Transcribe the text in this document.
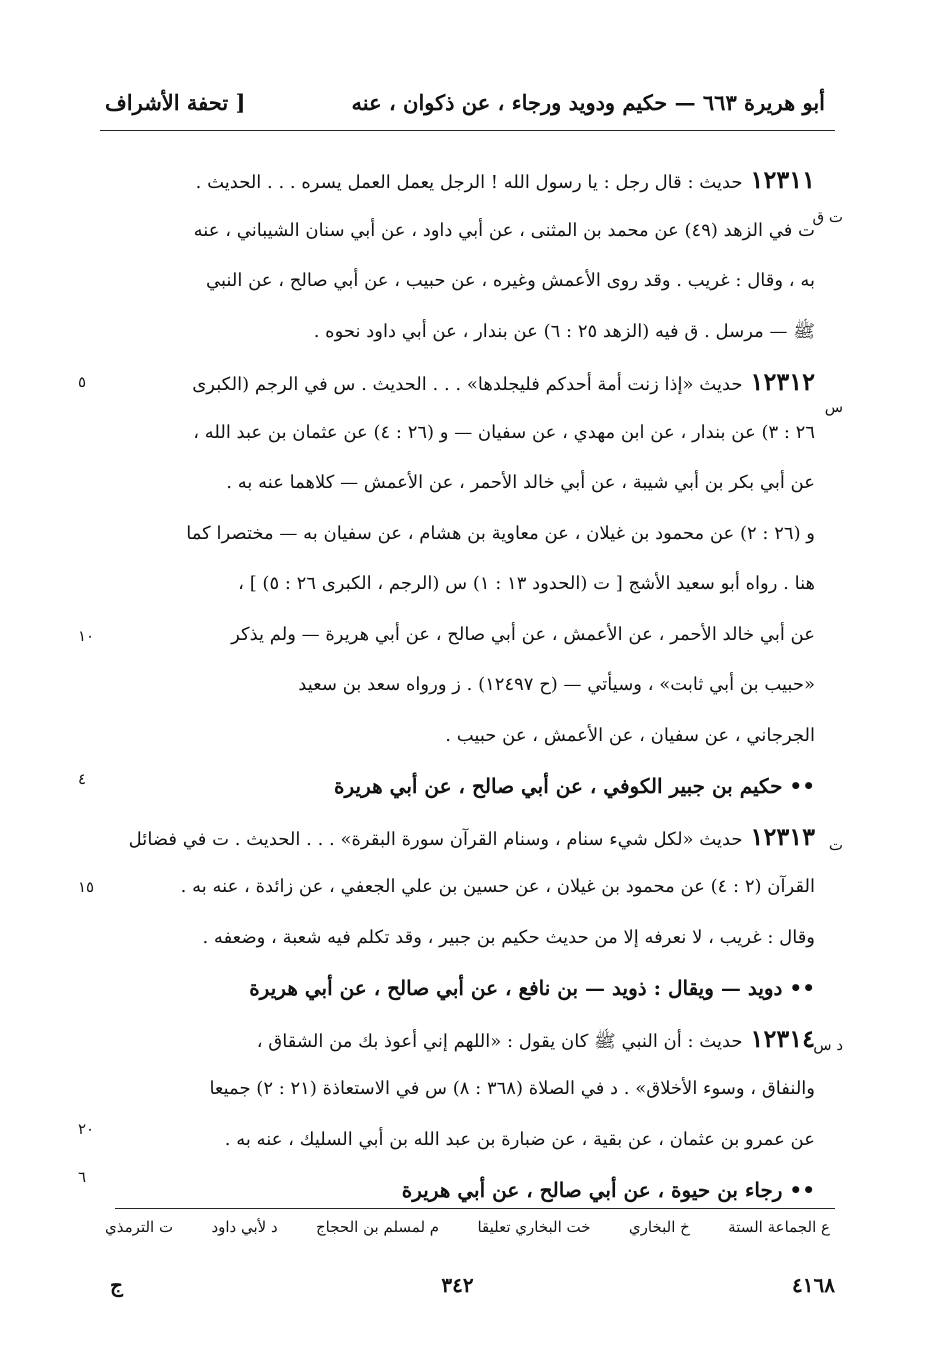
أبو هريرة ٦٦٣ — حكيم ودويد ورجاء ، عن ذكوان ، عنه
[ تحفة الأشراف
١٢٣١١حديث : قال رجل : يا رسول الله ! الرجل يعمل العمل يسره . . . الحديث .
ت في الزهد (٤٩) عن محمد بن المثنى ، عن أبي داود ، عن أبي سنان الشيباني ، عنه
به ، وقال : غريب . وقد روى الأعمش وغيره ، عن حبيب ، عن أبي صالح ، عن النبي
ﷺ — مرسل . ق فيه (الزهد ٢٥ : ٦) عن بندار ، عن أبي داود نحوه .
١٢٣١٢حديث «إذا زنت أمة أحدكم فليجلدها» . . . الحديث . س في الرجم (الكبرى
٢٦ : ٣) عن بندار ، عن ابن مهدي ، عن سفيان — و (٢٦ : ٤) عن عثمان بن عبد الله ،
عن أبي بكر بن أبي شيبة ، عن أبي خالد الأحمر ، عن الأعمش — كلاهما عنه به .
و (٢٦ : ٢) عن محمود بن غيلان ، عن معاوية بن هشام ، عن سفيان به — مختصرا كما
هنا . رواه أبو سعيد الأشج [ ت (الحدود ١٣ : ١) س (الرجم ، الكبرى ٢٦ : ٥) ] ،
عن أبي خالد الأحمر ، عن الأعمش ، عن أبي صالح ، عن أبي هريرة — ولم يذكر
«حبيب بن أبي ثابت» ، وسيأتي — (ح ١٢٤٩٧) . ز ورواه سعد بن سعيد
الجرجاني ، عن سفيان ، عن الأعمش ، عن حبيب .
•• حكيم بن جبير الكوفي ، عن أبي صالح ، عن أبي هريرة
١٢٣١٣حديث «لكل شيء سنام ، وسنام القرآن سورة البقرة» . . . الحديث . ت في فضائل
القرآن (٢ : ٤) عن محمود بن غيلان ، عن حسين بن علي الجعفي ، عن زائدة ، عنه به .
وقال : غريب ، لا نعرفه إلا من حديث حكيم بن جبير ، وقد تكلم فيه شعبة ، وضعفه .
•• دويد — ويقال : ذويد — بن نافع ، عن أبي صالح ، عن أبي هريرة
١٢٣١٤حديث : أن النبي ﷺ كان يقول : «اللهم إني أعوذ بك من الشقاق ،
والنفاق ، وسوء الأخلاق» . د في الصلاة (٣٦٨ : ٨) س في الاستعاذة (٢١ : ٢) جميعا
عن عمرو بن عثمان ، عن بقية ، عن ضبارة بن عبد الله بن أبي السليك ، عنه به .
•• رجاء بن حيوة ، عن أبي صالح ، عن أبي هريرة
ت ق
س
ت
د س
٥
١٠
٤
١٥
٢٠
٦
ع الجماعة الستة
خ البخاري
خت البخاري تعليقا
م لمسلم بن الحجاج
د لأبي داود
ت الترمذي
٤١٦٨
٣٤٢
ج
